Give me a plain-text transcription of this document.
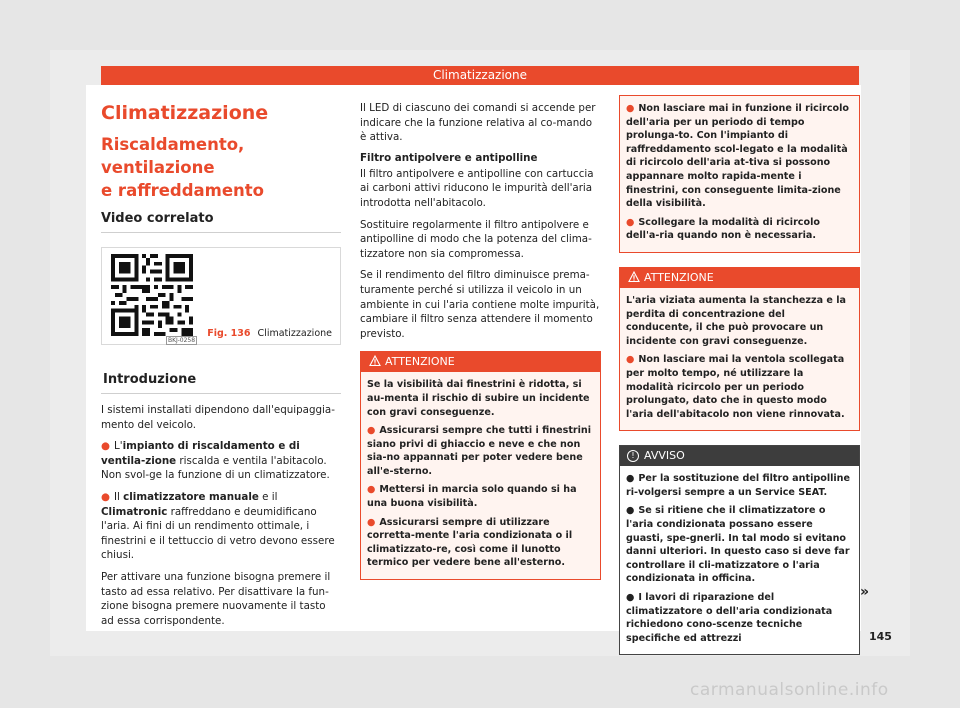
Climatizzazione
Climatizzazione
Riscaldamento, ventilazione
e raffreddamento
Video correlato
BKJ-0258
Fig. 136 Climatizzazione
Introduzione

I sistemi installati dipendono dall'equipaggia-mento del veicolo.

● L'impianto di riscaldamento e di ventila-zione riscalda e ventila l'abitacolo. Non svol-ge la funzione di un climatizzatore.

● Il climatizzatore manuale e il Climatronic raffreddano e deumidificano l'aria. Ai fini di un rendimento ottimale, i finestrini e il tettuccio di vetro devono essere chiusi.

Per attivare una funzione bisogna premere il tasto ad essa relativo. Per disattivare la fun-zione bisogna premere nuovamente il tasto ad essa corrispondente.

Il LED di ciascuno dei comandi si accende per indicare che la funzione relativa al co-mando è attiva.

Filtro antipolvere e antipolline

Il filtro antipolvere e antipolline con cartuccia ai carboni attivi riducono le impurità dell'aria introdotta nell'abitacolo.

Sostituire regolarmente il filtro antipolvere e antipolline di modo che la potenza del clima-tizzatore non sia compromessa.

Se il rendimento del filtro diminuisce prema-turamente perché si utilizza il veicolo in un ambiente in cui l'aria contiene molte impurità, cambiare il filtro senza attendere il momento previsto.

ATTENZIONE

Se la visibilità dai finestrini è ridotta, si au-menta il rischio di subire un incidente con gravi conseguenze.

● Assicurarsi sempre che tutti i finestrini siano privi di ghiaccio e neve e che non sia-no appannati per poter vedere bene all'e-sterno.

● Mettersi in marcia solo quando si ha una buona visibilità.

● Assicurarsi sempre di utilizzare corretta-mente l'aria condizionata o il climatizzato-re, così come il lunotto termico per vedere bene all'esterno.

● Non lasciare mai in funzione il ricircolo dell'aria per un periodo di tempo prolunga-to. Con l'impianto di raffreddamento scol-legato e la modalità di ricircolo dell'aria at-tiva si possono appannare molto rapida-mente i finestrini, con conseguente limita-zione della visibilità.

● Scollegare la modalità di ricircolo dell'a-ria quando non è necessaria.

ATTENZIONE

L'aria viziata aumenta la stanchezza e la perdita di concentrazione del conducente, il che può provocare un incidente con gravi conseguenze.

● Non lasciare mai la ventola scollegata per molto tempo, né utilizzare la modalità ricircolo per un periodo prolungato, dato che in questo modo l'aria dell'abitacolo non viene rinnovata.

! AVVISO

● Per la sostituzione del filtro antipolline ri-volgersi sempre a un Service SEAT.

● Se si ritiene che il climatizzatore o l'aria condizionata possano essere guasti, spe-gnerli. In tal modo si evitano danni ulteriori. In questo caso si deve far controllare il cli-matizzatore o l'aria condizionata in officina.

● I lavori di riparazione del climatizzatore o dell'aria condizionata richiedono cono-scenze tecniche specifiche ed attrezzi

»
145
carmanualsonline.info
